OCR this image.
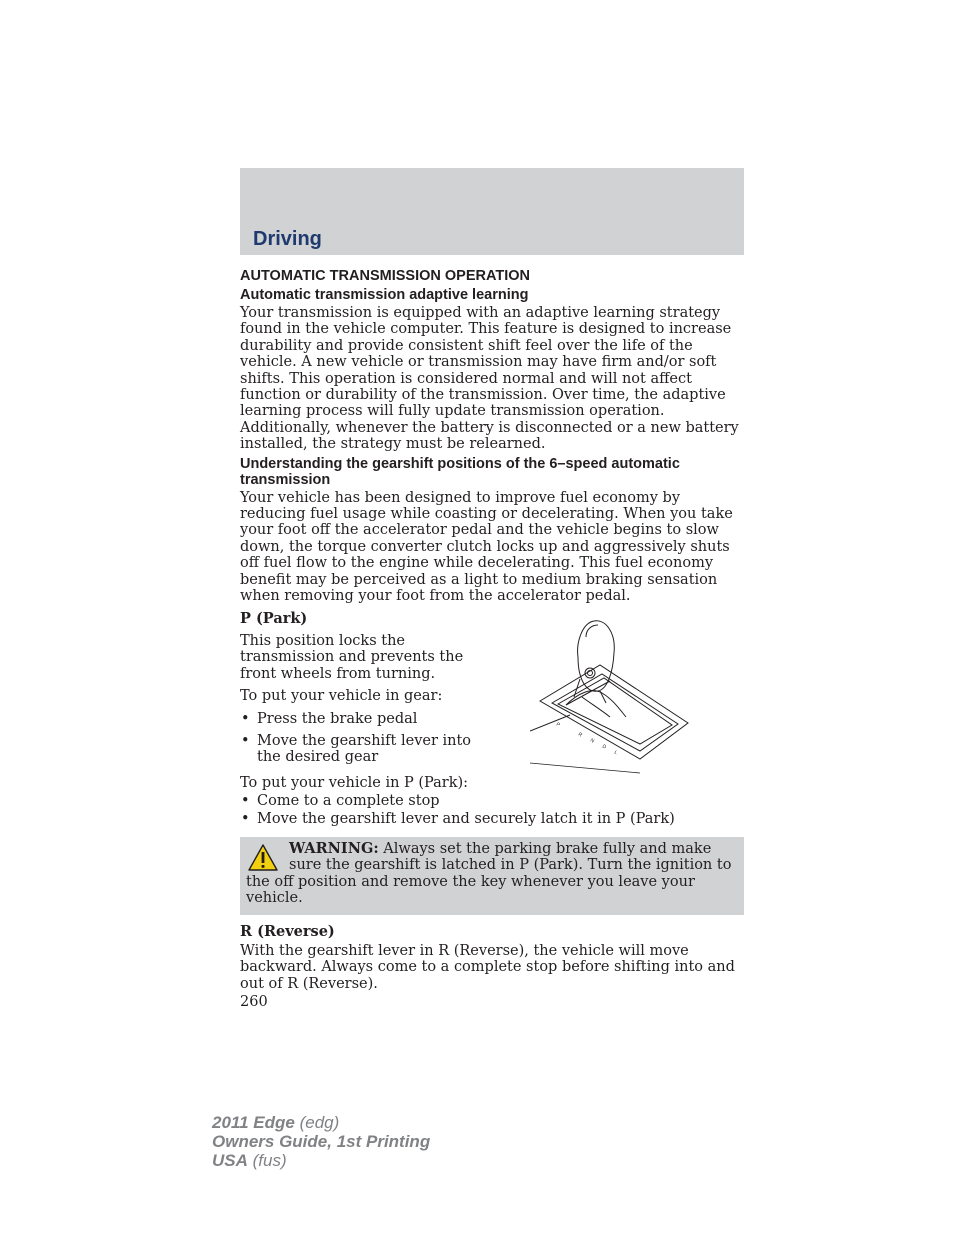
Driving
AUTOMATIC TRANSMISSION OPERATION
Automatic transmission adaptive learning
Your transmission is equipped with an adaptive learning strategy found in the vehicle computer. This feature is designed to increase durability and provide consistent shift feel over the life of the vehicle. A new vehicle or transmission may have firm and/or soft shifts. This operation is considered normal and will not affect function or durability of the transmission. Over time, the adaptive learning process will fully update transmission operation. Additionally, whenever the battery is disconnected or a new battery installed, the strategy must be relearned.
Understanding the gearshift positions of the 6–speed automatic transmission
Your vehicle has been designed to improve fuel economy by reducing fuel usage while coasting or decelerating. When you take your foot off the accelerator pedal and the vehicle begins to slow down, the torque converter clutch locks up and aggressively shuts off fuel flow to the engine while decelerating. This fuel economy benefit may be perceived as a light to medium braking sensation when removing your foot from the accelerator pedal.
P (Park)
This position locks the transmission and prevents the front wheels from turning.
To put your vehicle in gear:
• Press the brake pedal
• Move the gearshift lever into the desired gear
P
R
N
D
L
To put your vehicle in P (Park):
• Come to a complete stop
• Move the gearshift lever and securely latch it in P (Park)
WARNING: Always set the parking brake fully and make sure the gearshift is latched in P (Park). Turn the ignition to the off position and remove the key whenever you leave your vehicle.
R (Reverse)
With the gearshift lever in R (Reverse), the vehicle will move backward. Always come to a complete stop before shifting into and out of R (Reverse).
260
2011 Edge (edg)
Owners Guide, 1st Printing
USA (fus)
